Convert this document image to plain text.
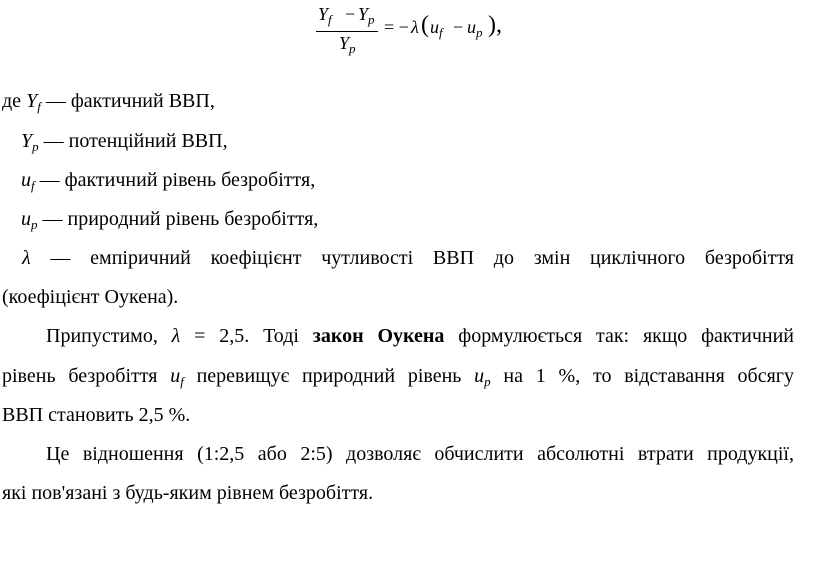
$Y_f - Y_p$
$Y_p$
= − λ ( $u_f - u_p$ ),
де $Y_f$ — фактичний ВВП,
$Y_p$ — потенційний ВВП,
$u_f$ — фактичний рівень безробіття,
$u_p$ — природний рівень безробіття,
λ — емпіричний коефіцієнт чутливості ВВП до змін циклічного безробіття
(коефіцієнт Оукена).
Припустимо, λ = 2,5. Тоді закон Оукена формулюється так: якщо фактичний
рівень безробіття $u_f$ перевищує природний рівень $u_p$ на 1 %, то відставання обсягу
ВВП становить 2,5 %.
Це відношення (1:2,5 або 2:5) дозволяє обчислити абсолютні втрати продукції,
які пов'язані з будь-яким рівнем безробіття.
